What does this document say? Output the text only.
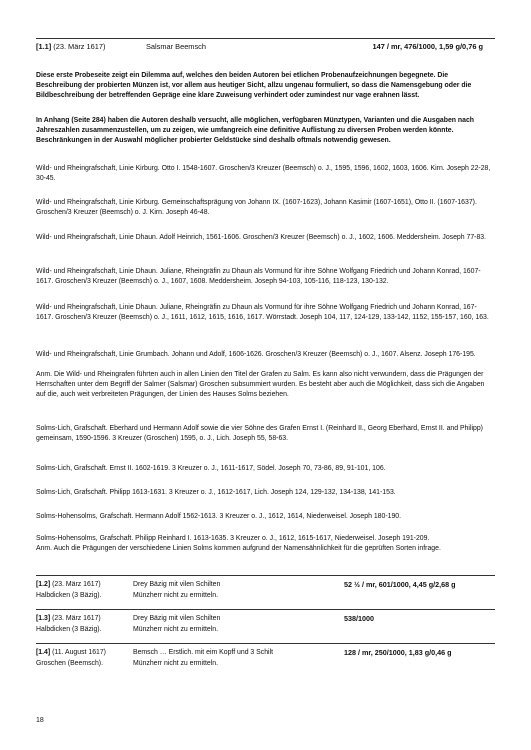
[1.1] (23. März 1617)	Salsmar Beemsch	147 / mr, 476/1000, 1,59 g/0,76 g

Diese erste Probeseite zeigt ein Dilemma auf, welches den beiden Autoren bei etlichen Probenaufzeichnungen begegnete. Die Beschreibung der probierten Münzen ist, vor allem aus heutiger Sicht, allzu ungenau formuliert, so dass die Namensgebung oder die Bildbeschreibung der betreffenden Gepräge eine klare Zuweisung verhindert oder zumindest nur vage erahnen lässt.

In Anhang (Seite 284) haben die Autoren deshalb versucht, alle möglichen, verfügbaren Münztypen, Varianten und die Ausgaben nach Jahreszahlen zusammenzustellen, um zu zeigen, wie umfangreich eine definitive Auflistung zu diversen Proben werden könnte. Beschränkungen in der Auswahl möglicher probierter Geldstücke sind deshalb oftmals notwendig gewesen.

Wild- und Rheingrafschaft, Linie Kirburg. Otto I. 1548-1607. Groschen/3 Kreuzer (Beemsch) o. J., 1595, 1596, 1602, 1603, 1606. Kirn. Joseph 22-28, 30-45.

Wild- und Rheingrafschaft, Linie Kirburg. Gemeinschaftsprägung von Johann IX. (1607-1623), Johann Kasimir (1607-1651), Otto II. (1607-1637). Groschen/3 Kreuzer (Beemsch) o. J. Kirn. Joseph 46-48.

Wild- und Rheingrafschaft, Linie Dhaun. Adolf Heinrich, 1561-1606. Groschen/3 Kreuzer (Beemsch) o. J., 1602, 1606. Meddersheim. Joseph 77-83.

Wild- und Rheingrafschaft, Linie Dhaun. Juliane, Rheingräfin zu Dhaun als Vormund für ihre Söhne Wolfgang Friedrich und Johann Konrad, 1607-1617. Groschen/3 Kreuzer (Beemsch) o. J., 1607, 1608. Meddersheim. Joseph 94-103, 105-116, 118-123, 130-132.

Wild- und Rheingrafschaft, Linie Dhaun. Juliane, Rheingräfin zu Dhaun als Vormund für ihre Söhne Wolfgang Friedrich und Johann Konrad, 167-1617. Groschen/3 Kreuzer (Beemsch) o. J., 1611, 1612, 1615, 1616, 1617. Wörrstadt. Joseph 104, 117, 124-129, 133-142, 1152, 155-157, 160, 163.

Wild- und Rheingrafschaft, Linie Grumbach. Johann und Adolf, 1606-1626. Groschen/3 Kreuzer (Beemsch) o. J., 1607. Alsenz. Joseph 176-195.

Anm. Die Wild- und Rheingrafen führten auch in allen Linien den Titel der Grafen zu Salm. Es kann also nicht verwundern, dass die Prägungen der Herrschaften unter dem Begriff der Salmer (Salsmar) Groschen subsummiert wurden. Es besteht aber auch die Möglichkeit, dass sich die Angaben auf die, auch weit verbreiteten Prägungen, der Linien des Hauses Solms beziehen.

Solms-Lich, Grafschaft. Eberhard und Hermann Adolf sowie die vier Söhne des Grafen Ernst I. (Reinhard II., Georg Eberhard, Ernst II. and Philipp) gemeinsam, 1590-1596. 3 Kreuzer (Groschen) 1595, o. J., Lich. Joseph 55, 58-63.

Solms-Lich, Grafschaft. Ernst II. 1602-1619. 3 Kreuzer o. J., 1611-1617, Södel. Joseph 70, 73-86, 89, 91-101, 106.

Solms-Lich, Grafschaft. Philipp 1613-1631. 3 Kreuzer o. J., 1612-1617, Lich. Joseph 124, 129-132, 134-138, 141-153.

Solms-Hohensolms, Grafschaft. Hermann Adolf 1562-1613. 3 Kreuzer o. J., 1612, 1614, Niederweisel. Joseph 180-190.

Solms-Hohensolms, Grafschaft. Philipp Reinhard I. 1613-1635. 3 Kreuzer o. J., 1612, 1615-1617, Niederweisel. Joseph 191-209.

Anm. Auch die Prägungen der verschiedene Linien Solms kommen aufgrund der Namensähnlichkeit für die geprüften Sorten infrage.

[1.2] (23. März 1617)
Halbdicken (3 Bäzig).
Drey Bäzig mit vilen Schilten
Münzherr nicht zu ermitteln.
52 ½ / mr, 601/1000, 4,45 g/2,68 g
[1.3] (23. März 1617)
Halbdicken (3 Bäzig).
Drey Bäzig mit vilen Schilten
Münzherr nicht zu ermitteln.
538/1000
[1.4] (11. August 1617)
Groschen (Beemsch).
Bemsch … Erstlich. mit eim Kopff und 3 Schilt
Münzherr nicht zu ermitteln.
128 / mr, 250/1000, 1,83 g/0,46 g
18
